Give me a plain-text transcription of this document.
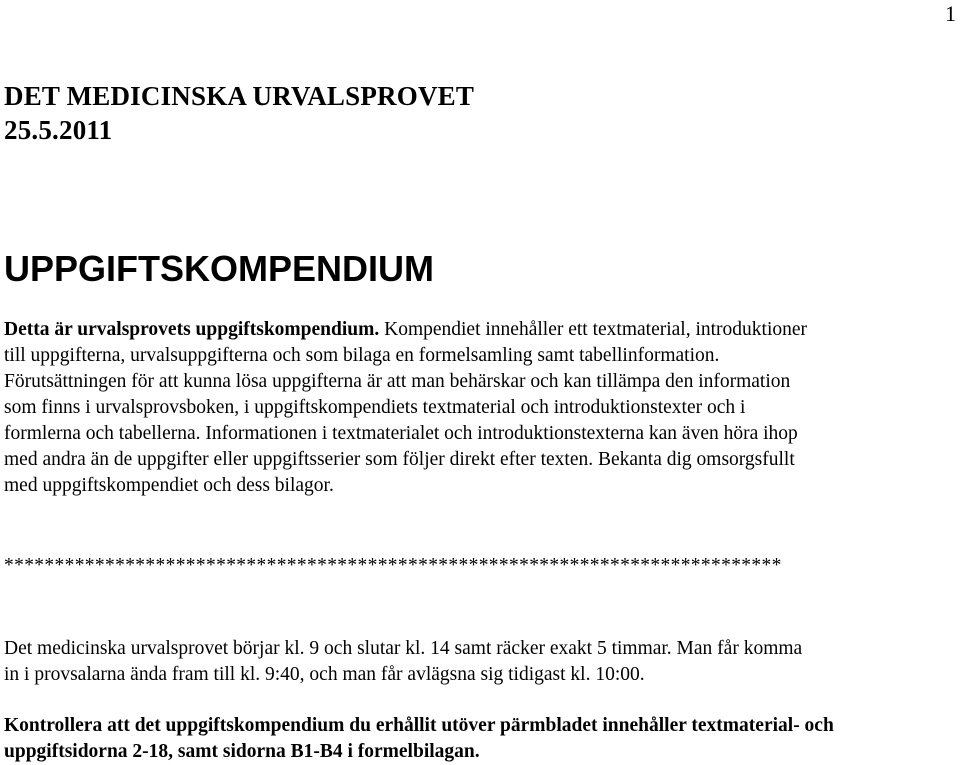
1
DET MEDICINSKA URVALSPROVET
25.5.2011
UPPGIFTSKOMPENDIUM
Detta är urvalsprovets uppgiftskompendium. Kompendiet innehåller ett textmaterial, introduktioner
till uppgifterna, urvalsuppgifterna och som bilaga en formelsamling samt tabellinformation.
Förutsättningen för att kunna lösa uppgifterna är att man behärskar och kan tillämpa den information
som finns i urvalsprovsboken, i uppgiftskompendiets textmaterial och introduktionstexter och i
formlerna och tabellerna. Informationen i textmaterialet och introduktionstexterna kan även höra ihop
med andra än de uppgifter eller uppgiftsserier som följer direkt efter texten. Bekanta dig omsorgsfullt
med uppgiftskompendiet och dess bilagor.
*****************************************************************************
Det medicinska urvalsprovet börjar kl. 9 och slutar kl. 14 samt räcker exakt 5 timmar. Man får komma
in i provsalarna ända fram till kl. 9:40, och man får avlägsna sig tidigast kl. 10:00.
Kontrollera att det uppgiftskompendium du erhållit utöver pärmbladet innehåller textmaterial- och
uppgiftsidorna 2-18, samt sidorna B1-B4 i formelbilagan.
